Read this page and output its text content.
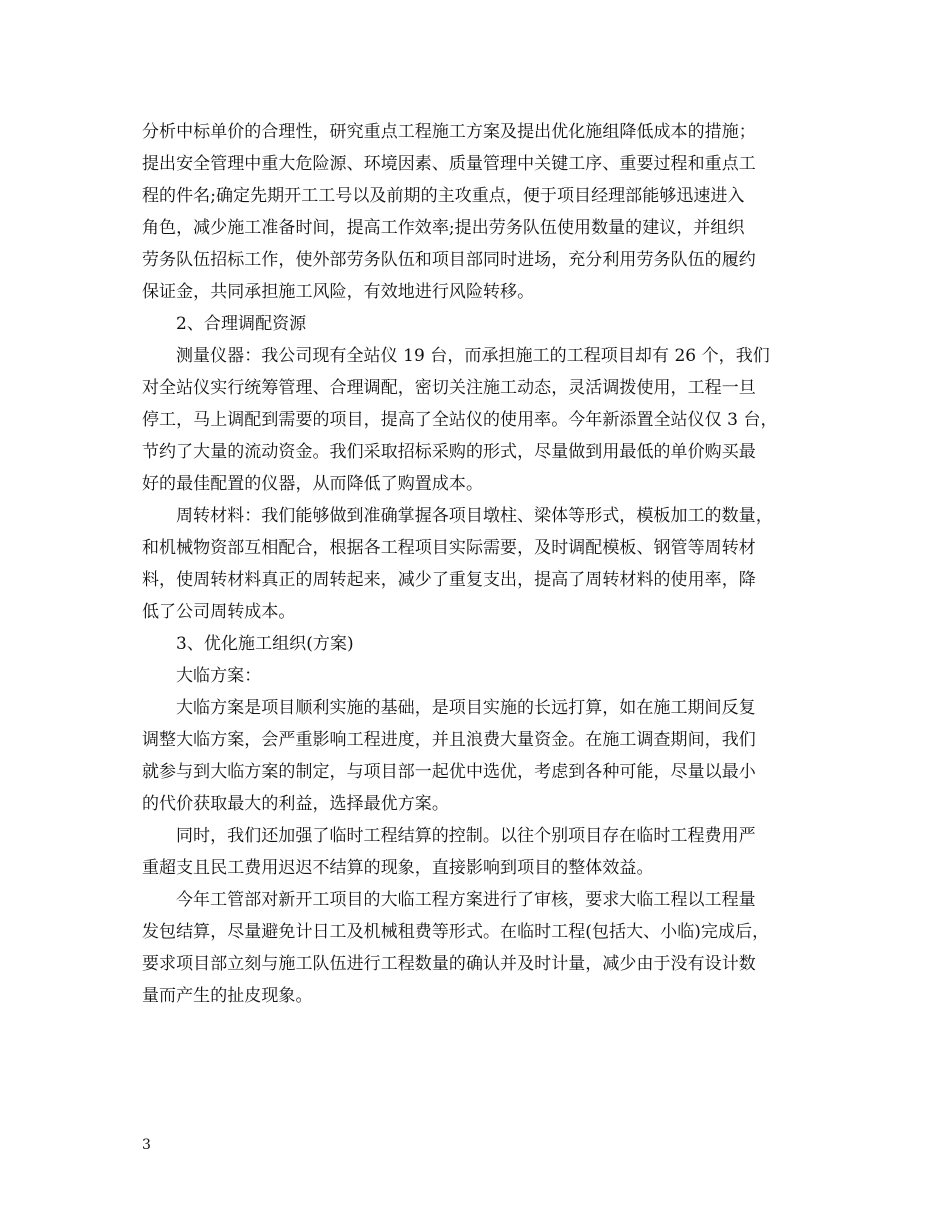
分析中标单价的合理性，研究重点工程施工方案及提出优化施组降低成本的措施；
提出安全管理中重大危险源、环境因素、质量管理中关键工序、重要过程和重点工
程的件名;确定先期开工工号以及前期的主攻重点，便于项目经理部能够迅速进入
角色，减少施工准备时间，提高工作效率;提出劳务队伍使用数量的建议，并组织
劳务队伍招标工作，使外部劳务队伍和项目部同时进场，充分利用劳务队伍的履约
保证金，共同承担施工风险，有效地进行风险转移。
2、合理调配资源
测量仪器：我公司现有全站仪 19 台，而承担施工的工程项目却有 26 个，我们
对全站仪实行统筹管理、合理调配，密切关注施工动态，灵活调拨使用，工程一旦
停工，马上调配到需要的项目，提高了全站仪的使用率。今年新添置全站仪仅 3 台，
节约了大量的流动资金。我们采取招标采购的形式，尽量做到用最低的单价购买最
好的最佳配置的仪器，从而降低了购置成本。
周转材料：我们能够做到准确掌握各项目墩柱、梁体等形式，模板加工的数量，
和机械物资部互相配合，根据各工程项目实际需要，及时调配模板、钢管等周转材
料，使周转材料真正的周转起来，减少了重复支出，提高了周转材料的使用率，降
低了公司周转成本。
3、优化施工组织(方案)
大临方案：
大临方案是项目顺利实施的基础，是项目实施的长远打算，如在施工期间反复
调整大临方案，会严重影响工程进度，并且浪费大量资金。在施工调查期间，我们
就参与到大临方案的制定，与项目部一起优中选优，考虑到各种可能，尽量以最小
的代价获取最大的利益，选择最优方案。
同时，我们还加强了临时工程结算的控制。以往个别项目存在临时工程费用严
重超支且民工费用迟迟不结算的现象，直接影响到项目的整体效益。
今年工管部对新开工项目的大临工程方案进行了审核，要求大临工程以工程量
发包结算，尽量避免计日工及机械租费等形式。在临时工程(包括大、小临)完成后，
要求项目部立刻与施工队伍进行工程数量的确认并及时计量，减少由于没有设计数
量而产生的扯皮现象。
3
